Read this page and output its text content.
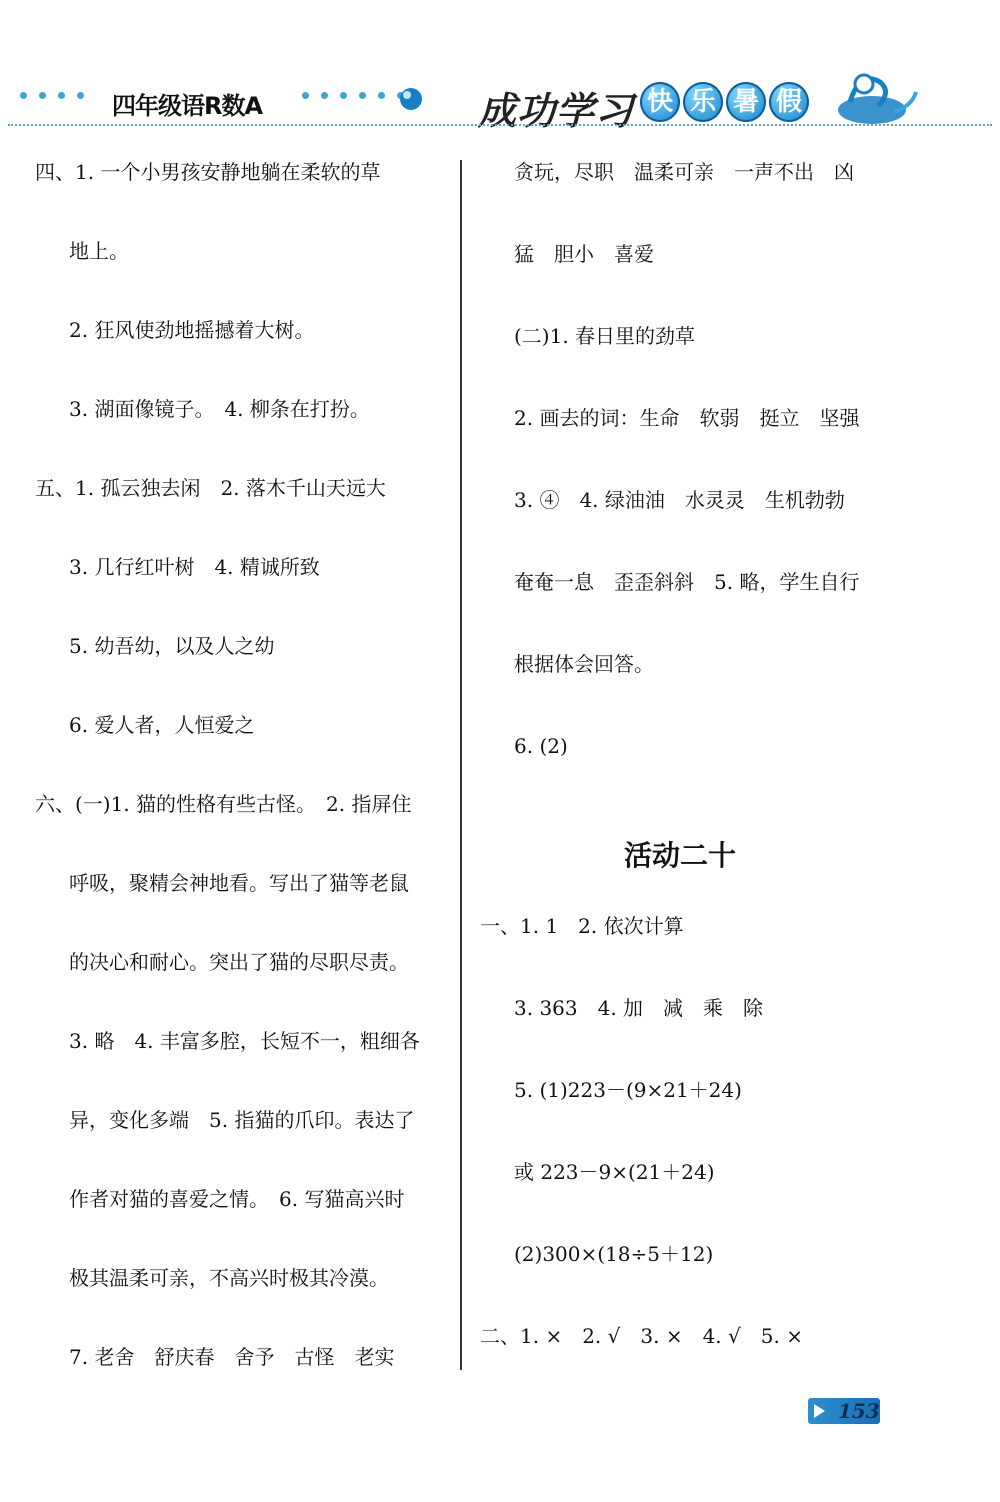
四年级语R数A	成功学习 快 乐 暑 假
四、1. 一个小男孩安静地躺在柔软的草
地上。
2. 狂风使劲地摇撼着大树。
3. 湖面像镜子。　4. 柳条在打扮。
五、1. 孤云独去闲　2. 落木千山天远大
3. 几行红叶树　4. 精诚所致
5. 幼吾幼，以及人之幼
6. 爱人者，人恒爱之
六、(一)1. 猫的性格有些古怪。　2. 指屏住
呼吸，聚精会神地看。写出了猫等老鼠
的决心和耐心。突出了猫的尽职尽责。
3. 略　4. 丰富多腔，长短不一，粗细各
异，变化多端　5. 指猫的爪印。表达了
作者对猫的喜爱之情。　6. 写猫高兴时
极其温柔可亲，不高兴时极其冷漠。
7. 老舍　舒庆春　舍予　古怪　老实
贪玩，尽职　温柔可亲　一声不出　凶
猛　胆小　喜爱
(二)1. 春日里的劲草
2. 画去的词：生命　软弱　挺立　坚强
3. ④　4. 绿油油　水灵灵　生机勃勃
奄奄一息　歪歪斜斜　5. 略，学生自行
根据体会回答。
6. (2)
活动二十
一、1. 1　2. 依次计算
3. 363　4. 加　减　乘　除
5. (1)223－(9×21＋24)
或 223－9×(21＋24)
(2)300×(18÷5＋12)
二、1. ×　2. √　3. ×　4. √　5. ×
153
